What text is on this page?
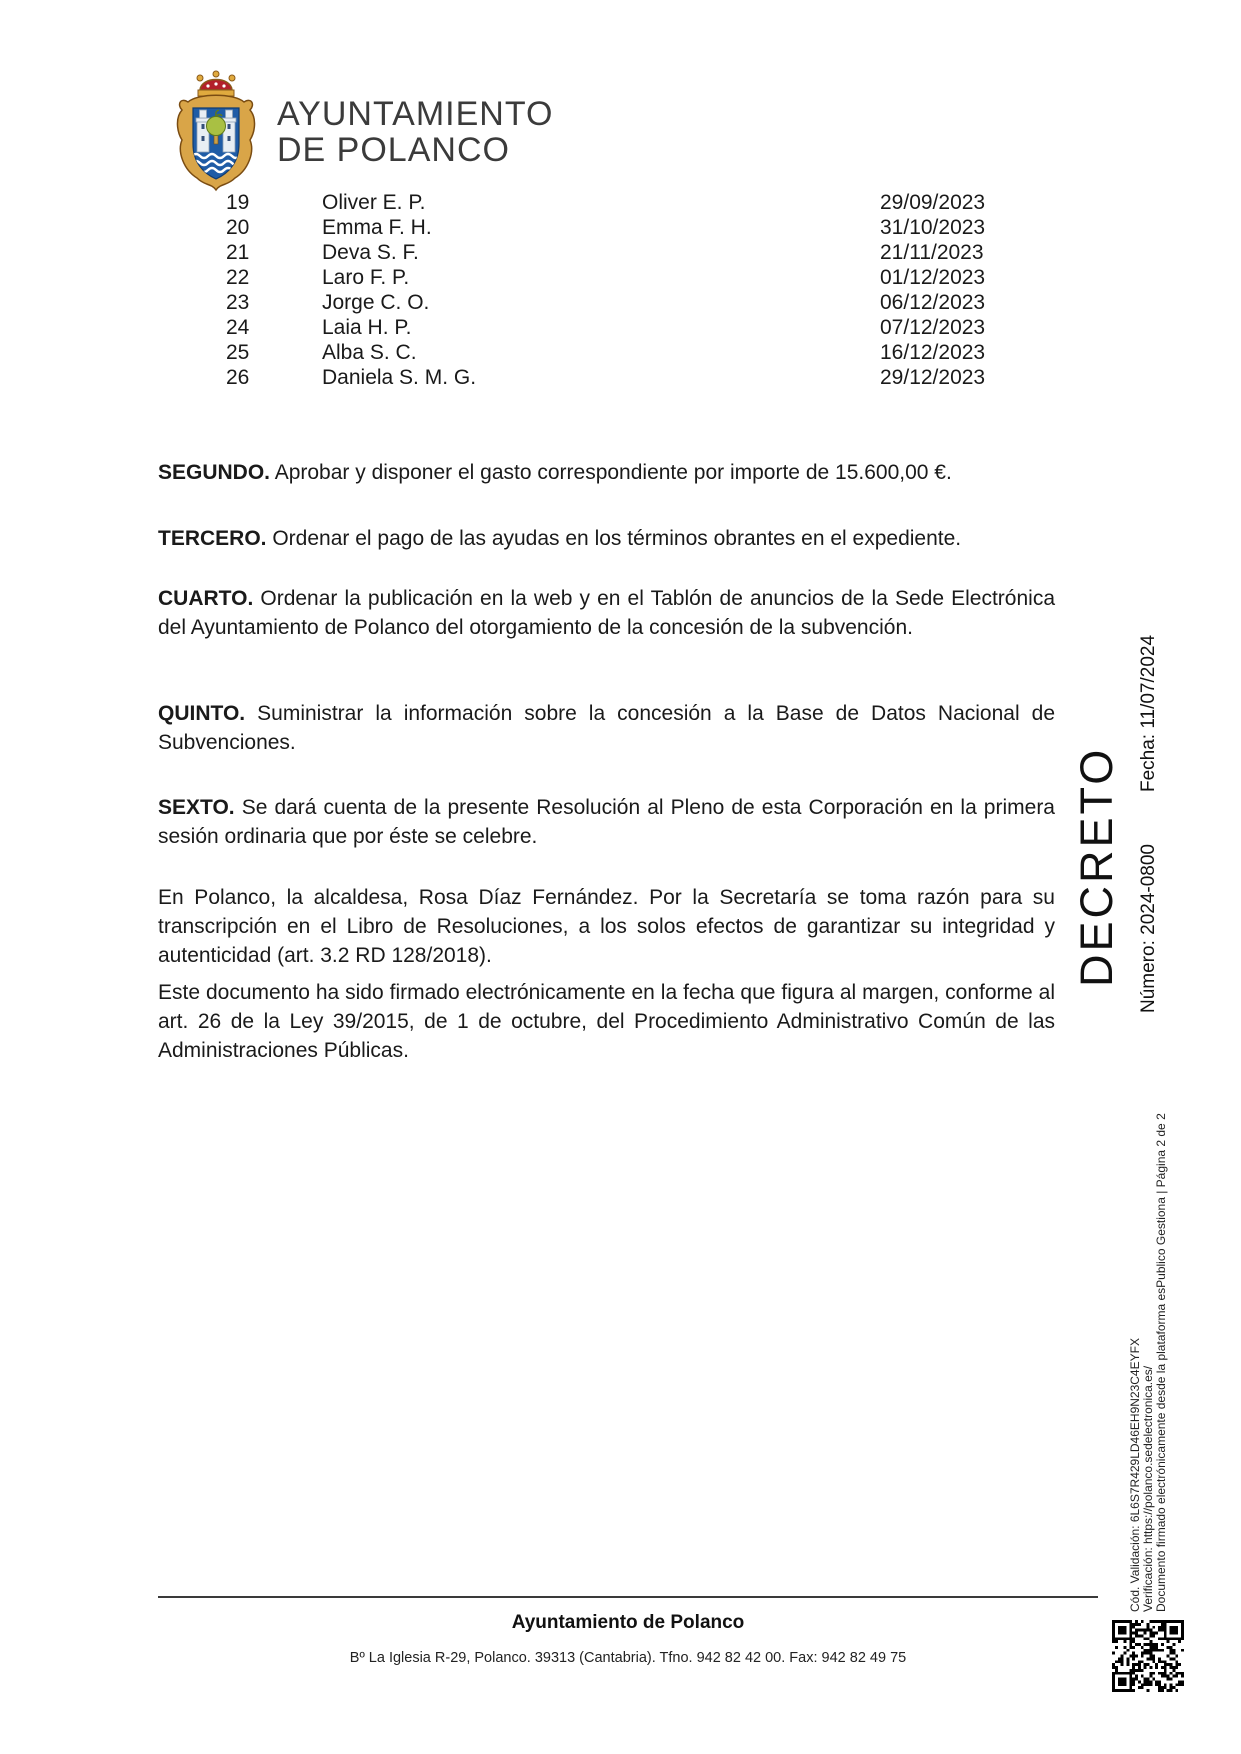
AYUNTAMIENTO
DE POLANCO
19	Oliver E. P.	29/09/2023
20	Emma F. H.	31/10/2023
21	Deva S. F.	21/11/2023
22	Laro F. P.	01/12/2023
23	Jorge C. O.	06/12/2023
24	Laia H. P.	07/12/2023
25	Alba S. C.	16/12/2023
26	Daniela S. M. G.	29/12/2023

SEGUNDO. Aprobar y disponer el gasto correspondiente por importe de 15.600,00 €.

TERCERO. Ordenar el pago de las ayudas en los términos obrantes en el expediente.

CUARTO. Ordenar la publicación en la web y en el Tablón de anuncios de la Sede Electrónica del Ayuntamiento de Polanco del otorgamiento de la concesión de la subvención.

QUINTO. Suministrar la información sobre la concesión a la Base de Datos Nacional de Subvenciones.

SEXTO. Se dará cuenta de la presente Resolución al Pleno de esta Corporación en la primera sesión ordinaria que por éste se celebre.

En Polanco, la alcaldesa, Rosa Díaz Fernández. Por la Secretaría se toma razón para su transcripción en el Libro de Resoluciones, a los solos efectos de garantizar su integridad y autenticidad (art. 3.2 RD 128/2018).

Este documento ha sido firmado electrónicamente en la fecha que figura al margen, conforme al art. 26 de la Ley 39/2015, de 1 de octubre, del Procedimiento Administrativo Común de las Administraciones Públicas.

DECRETO Número: 2024-0800Fecha: 11/07/2024
Cód. Validación: 6L6S7R429LD46EH9N23C4EYFX Verificación: https://polanco.sedelectronica.es/ Documento firmado electrónicamente desde la plataforma esPublico Gestiona | Página 2 de 2
Ayuntamiento de Polanco
Bº La Iglesia R-29, Polanco. 39313 (Cantabria). Tfno. 942 82 42 00. Fax: 942 82 49 75
